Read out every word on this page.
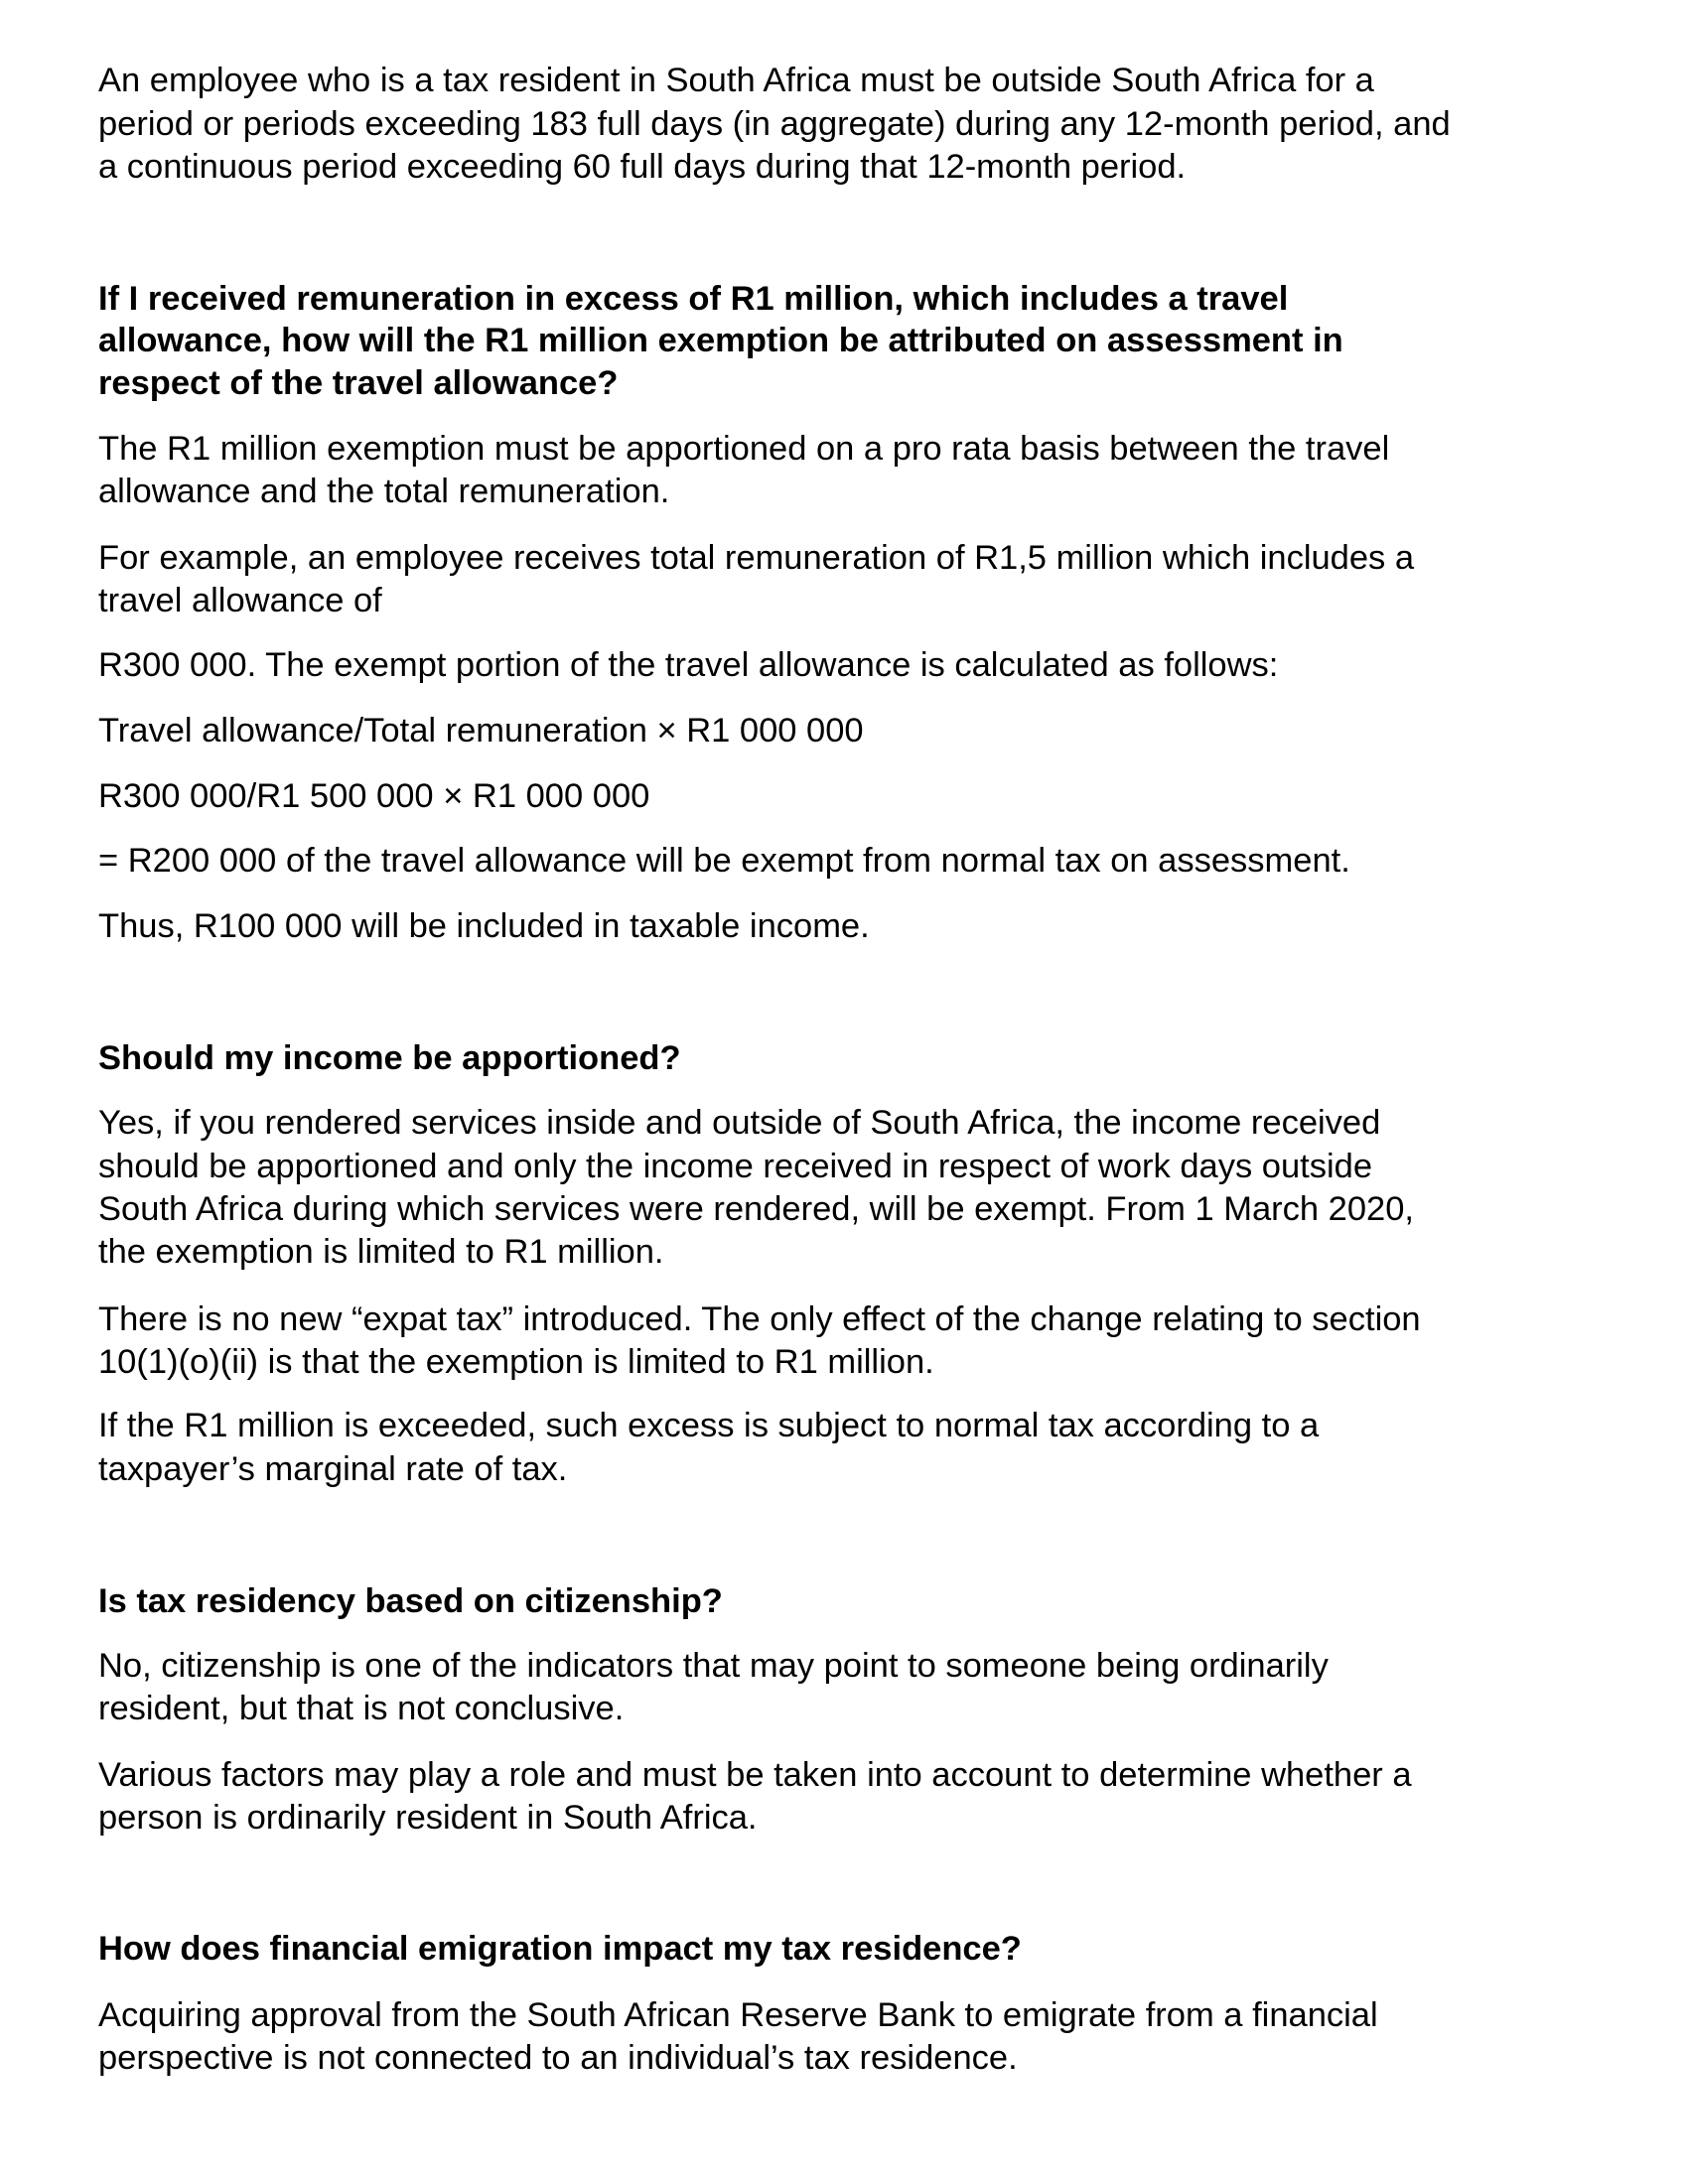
An employee who is a tax resident in South Africa must be outside South Africa for a

period or periods exceeding 183 full days (in aggregate) during any 12-month period, and

a continuous period exceeding 60 full days during that 12-month period.

If I received remuneration in excess of R1 million, which includes a travel

allowance, how will the R1 million exemption be attributed on assessment in

respect of the travel allowance?

The R1 million exemption must be apportioned on a pro rata basis between the travel

allowance and the total remuneration.

For example, an employee receives total remuneration of R1,5 million which includes a

travel allowance of

R300 000. The exempt portion of the travel allowance is calculated as follows:

Travel allowance/Total remuneration × R1 000 000

R300 000/R1 500 000 × R1 000 000

= R200 000 of the travel allowance will be exempt from normal tax on assessment.

Thus, R100 000 will be included in taxable income.

Should my income be apportioned?

Yes, if you rendered services inside and outside of South Africa, the income received

should be apportioned and only the income received in respect of work days outside

South Africa during which services were rendered, will be exempt. From 1 March 2020,

the exemption is limited to R1 million.

There is no new “expat tax” introduced. The only effect of the change relating to section

10(1)(o)(ii) is that the exemption is limited to R1 million.

If the R1 million is exceeded, such excess is subject to normal tax according to a

taxpayer’s marginal rate of tax.

Is tax residency based on citizenship?

No, citizenship is one of the indicators that may point to someone being ordinarily

resident, but that is not conclusive.

Various factors may play a role and must be taken into account to determine whether a

person is ordinarily resident in South Africa.

How does financial emigration impact my tax residence?

Acquiring approval from the South African Reserve Bank to emigrate from a financial

perspective is not connected to an individual’s tax residence.
